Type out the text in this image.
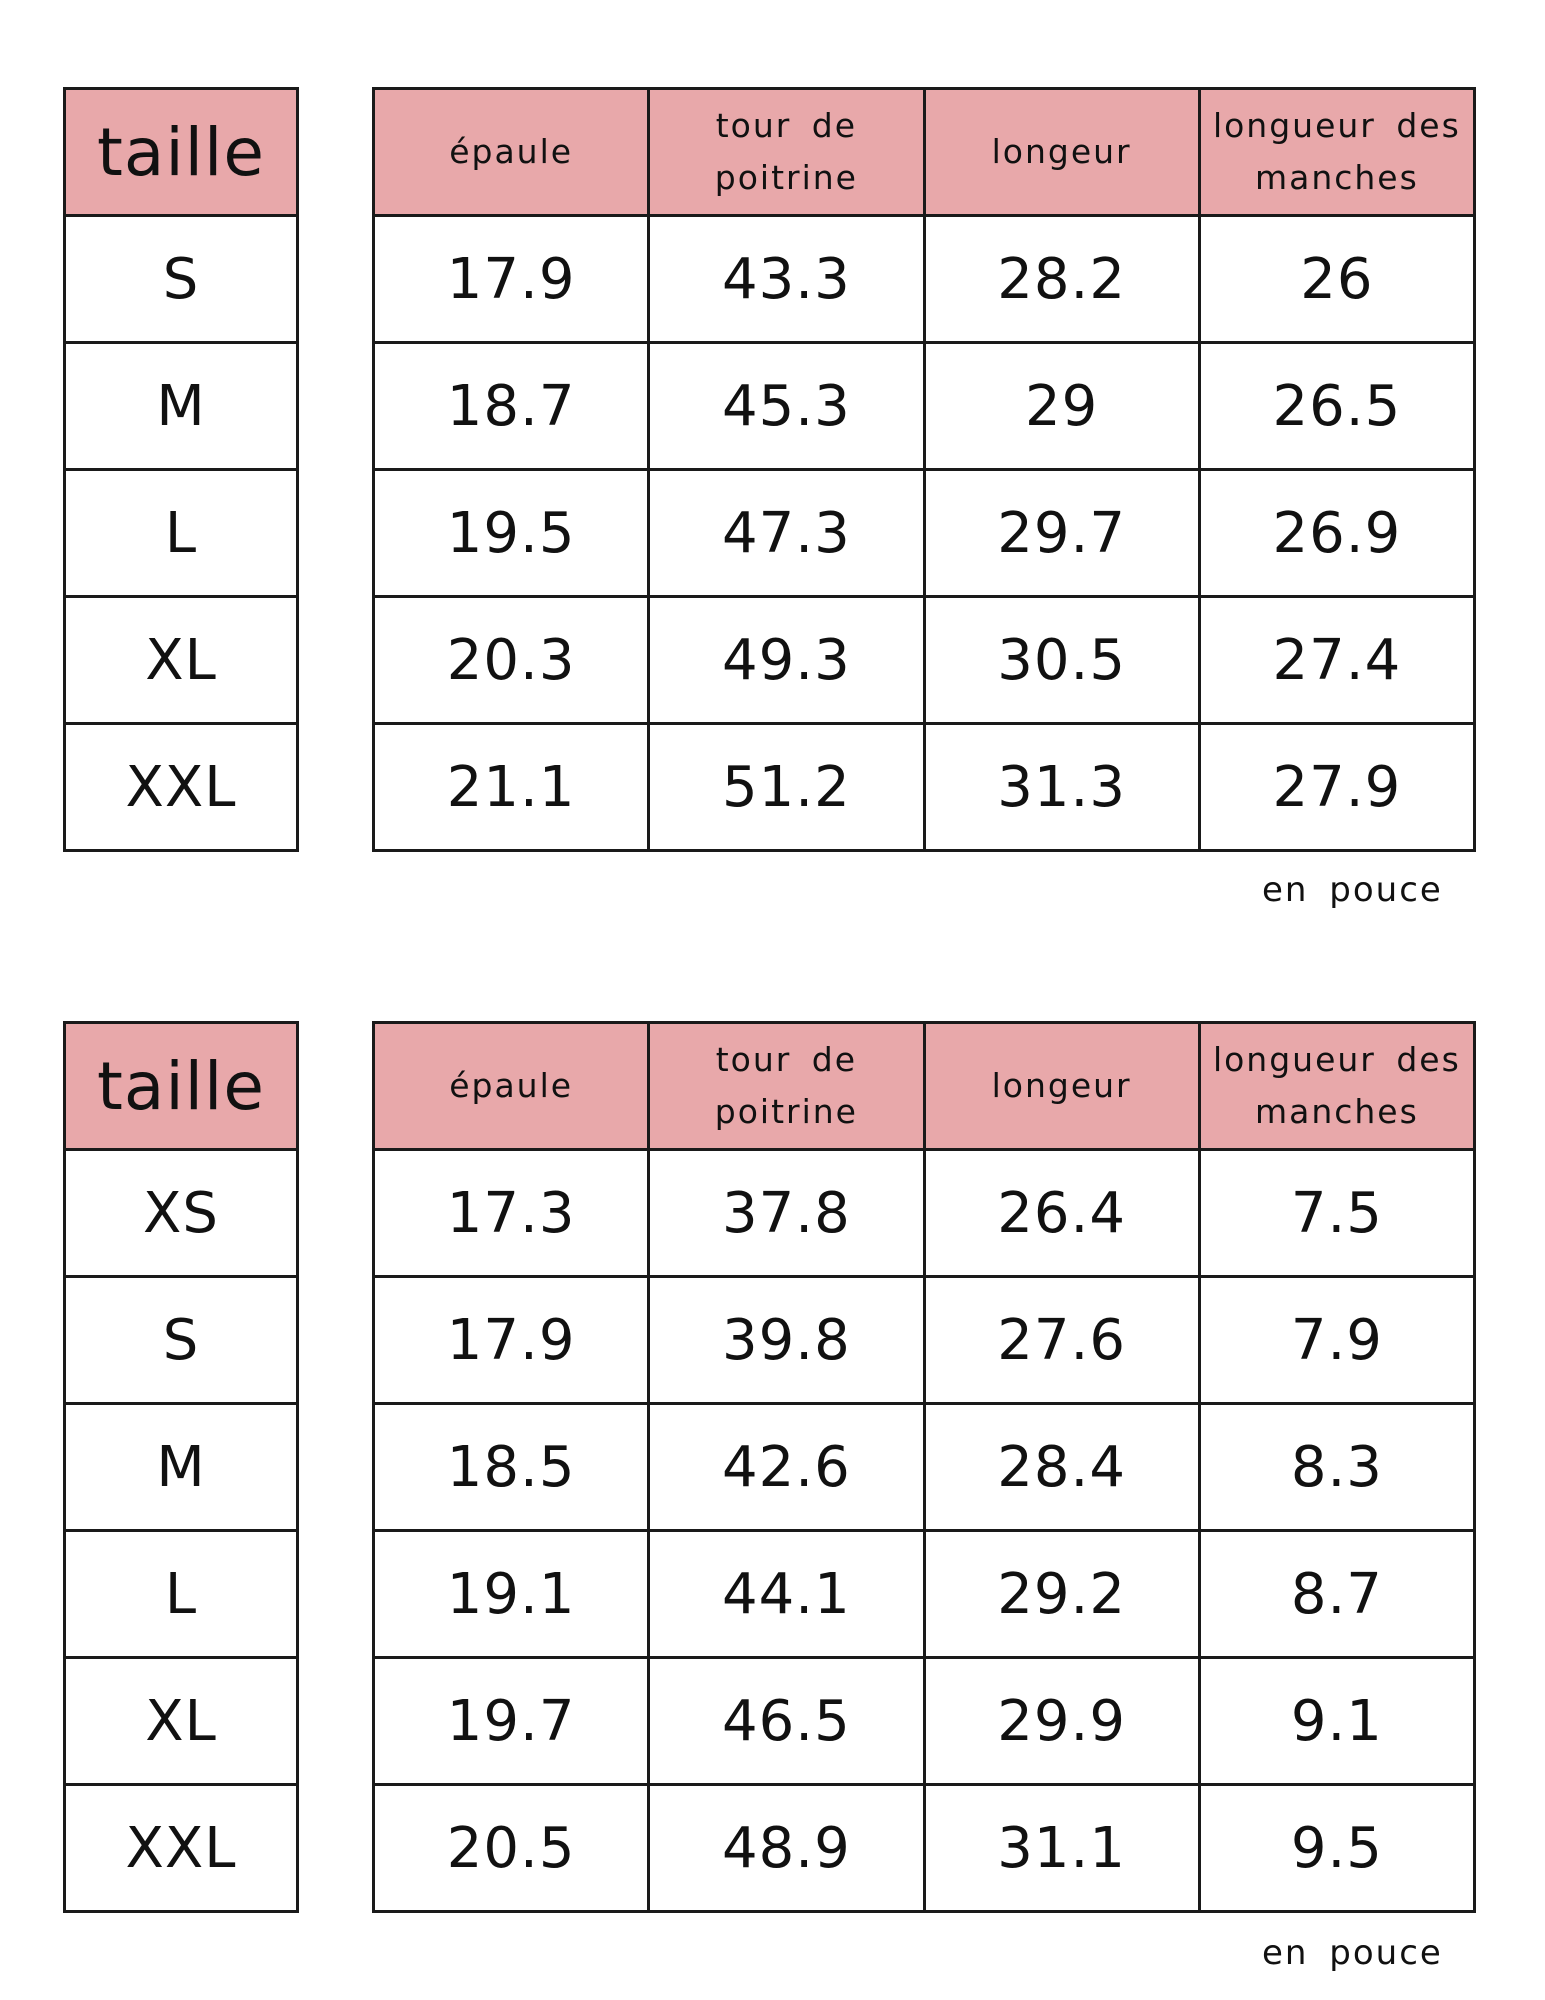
taille
S
M
L
XL
XXL
épaule	tour de poitrine	longeur	longueur des manches
17.9	43.3	28.2	26
18.7	45.3	29	26.5
19.5	47.3	29.7	26.9
20.3	49.3	30.5	27.4
21.1	51.2	31.3	27.9
en pouce
taille
XS
S
M
L
XL
XXL
épaule	tour de poitrine	longeur	longueur des manches
17.3	37.8	26.4	7.5
17.9	39.8	27.6	7.9
18.5	42.6	28.4	8.3
19.1	44.1	29.2	8.7
19.7	46.5	29.9	9.1
20.5	48.9	31.1	9.5
en pouce
